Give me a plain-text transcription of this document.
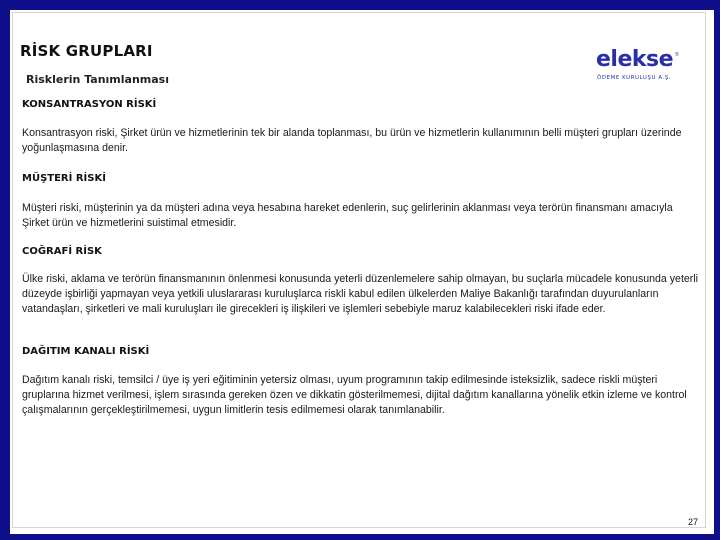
RİSK GRUPLARI
Risklerin Tanımlanması
elekse ®
ÖDEME KURULUŞU A.Ş.
KONSANTRASYON RİSKİ
Konsantrasyon riski, Şirket ürün ve hizmetlerinin tek bir alanda toplanması, bu ürün ve hizmetlerin kullanımının belli müşteri grupları üzerinde yoğunlaşmasına denir.
MÜŞTERİ RİSKİ
Müşteri riski, müşterinin ya da müşteri adına veya hesabına hareket edenlerin, suç gelirlerinin aklanması veya terörün finansmanı amacıyla Şirket ürün ve hizmetlerini suistimal etmesidir.
COĞRAFİ RİSK
Ülke riski, aklama ve terörün finansmanının önlenmesi konusunda yeterli düzenlemelere sahip olmayan, bu suçlarla mücadele konusunda yeterli düzeyde işbirliği yapmayan veya yetkili uluslararası kuruluşlarca riskli kabul edilen ülkelerden Maliye Bakanlığı tarafından duyurulanların vatandaşları, şirketleri ve mali kuruluşları ile girecekleri iş ilişkileri ve işlemleri sebebiyle maruz kalabilecekleri riski ifade eder.
DAĞITIM KANALI RİSKİ
Dağıtım kanalı riski, temsilci / üye iş yeri eğitiminin yetersiz olması, uyum programının takip edilmesinde isteksizlik, sadece riskli müşteri gruplarına hizmet verilmesi, işlem sırasında gereken özen ve dikkatin gösterilmemesi, dijital dağıtım kanallarına yönelik etkin izleme ve kontrol çalışmalarının gerçekleştirilmemesi, uygun limitlerin tesis edilmemesi olarak tanımlanabilir.
27
